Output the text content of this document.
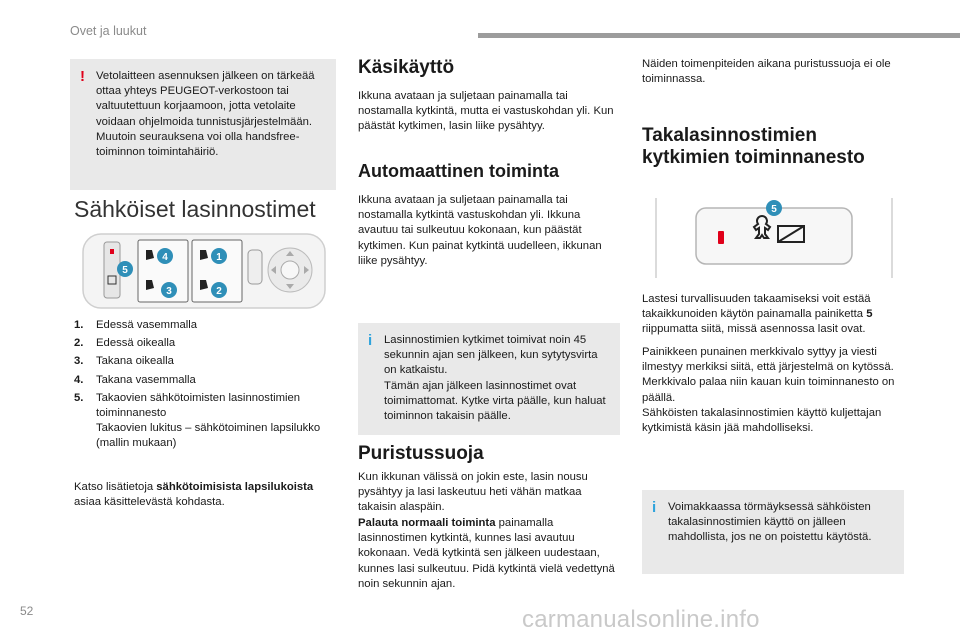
Ovet ja luukut
! Vetolaitteen asennuksen jälkeen on tärkeää ottaa yhteys PEUGEOT-verkostoon tai valtuutettuun korjaamoon, jotta vetolaite voidaan ohjelmoida tunnistusjärjestelmään. Muutoin seurauksena voi olla handsfree-toiminnon toimintahäiriö.

Sähköiset lasinnostimet
4	1
5
3	2
1.	Edessä vasemmalla
2.	Edessä oikealla
3.	Takana oikealla
4.	Takana vasemmalla
5.	Takaovien sähkötoimisten lasinnostimien toiminnanesto
Takaovien lukitus – sähkötoiminen lapsilukko (mallin mukaan)

Katso lisätietoja sähkötoimisista lapsilukoista asiaa käsittelevästä kohdasta.

Käsikäyttö

Ikkuna avataan ja suljetaan painamalla tai nostamalla kytkintä, mutta ei vastuskohdan yli. Kun päästät kytkimen, lasin liike pysähtyy.

Automaattinen toiminta

Ikkuna avataan ja suljetaan painamalla tai nostamalla kytkintä vastuskohdan yli. Ikkuna avautuu tai sulkeutuu kokonaan, kun päästät kytkimen. Kun painat kytkintä uudelleen, ikkunan liike pysähtyy.

i Lasinnostimien kytkimet toimivat noin 45 sekunnin ajan sen jälkeen, kun sytytysvirta on katkaistu.
Tämän ajan jälkeen lasinnostimet ovat toimimattomat. Kytke virta päälle, kun haluat toiminnon takaisin päälle.

Puristussuoja

Kun ikkunan välissä on jokin este, lasin nousu pysähtyy ja lasi laskeutuu heti vähän matkaa takaisin alaspäin.

Palauta normaali toiminta painamalla lasinnostimen kytkintä, kunnes lasi avautuu kokonaan. Vedä kytkintä sen jälkeen uudestaan, kunnes lasi sulkeutuu. Pidä kytkintä vielä vedettynä noin sekunnin ajan.

Näiden toimenpiteiden aikana puristussuoja ei ole toiminnassa.

Takalasinnostimien kytkimien toiminnanesto
5

Lastesi turvallisuuden takaamiseksi voit estää takaikkunoiden käytön painamalla painiketta 5 riippumatta siitä, missä asennossa lasit ovat.

Painikkeen punainen merkkivalo syttyy ja viesti ilmestyy merkiksi siitä, että järjestelmä on kytössä. Merkkivalo palaa niin kauan kuin toiminnanesto on päällä.
Sähköisten takalasinnostimien käyttö kuljettajan kytkimistä käsin jää mahdolliseksi.

i Voimakkaassa törmäyksessä sähköisten takalasinnostimien käyttö on jälleen mahdollista, jos ne on poistettu käytöstä.

52	carmanualsonline.info
